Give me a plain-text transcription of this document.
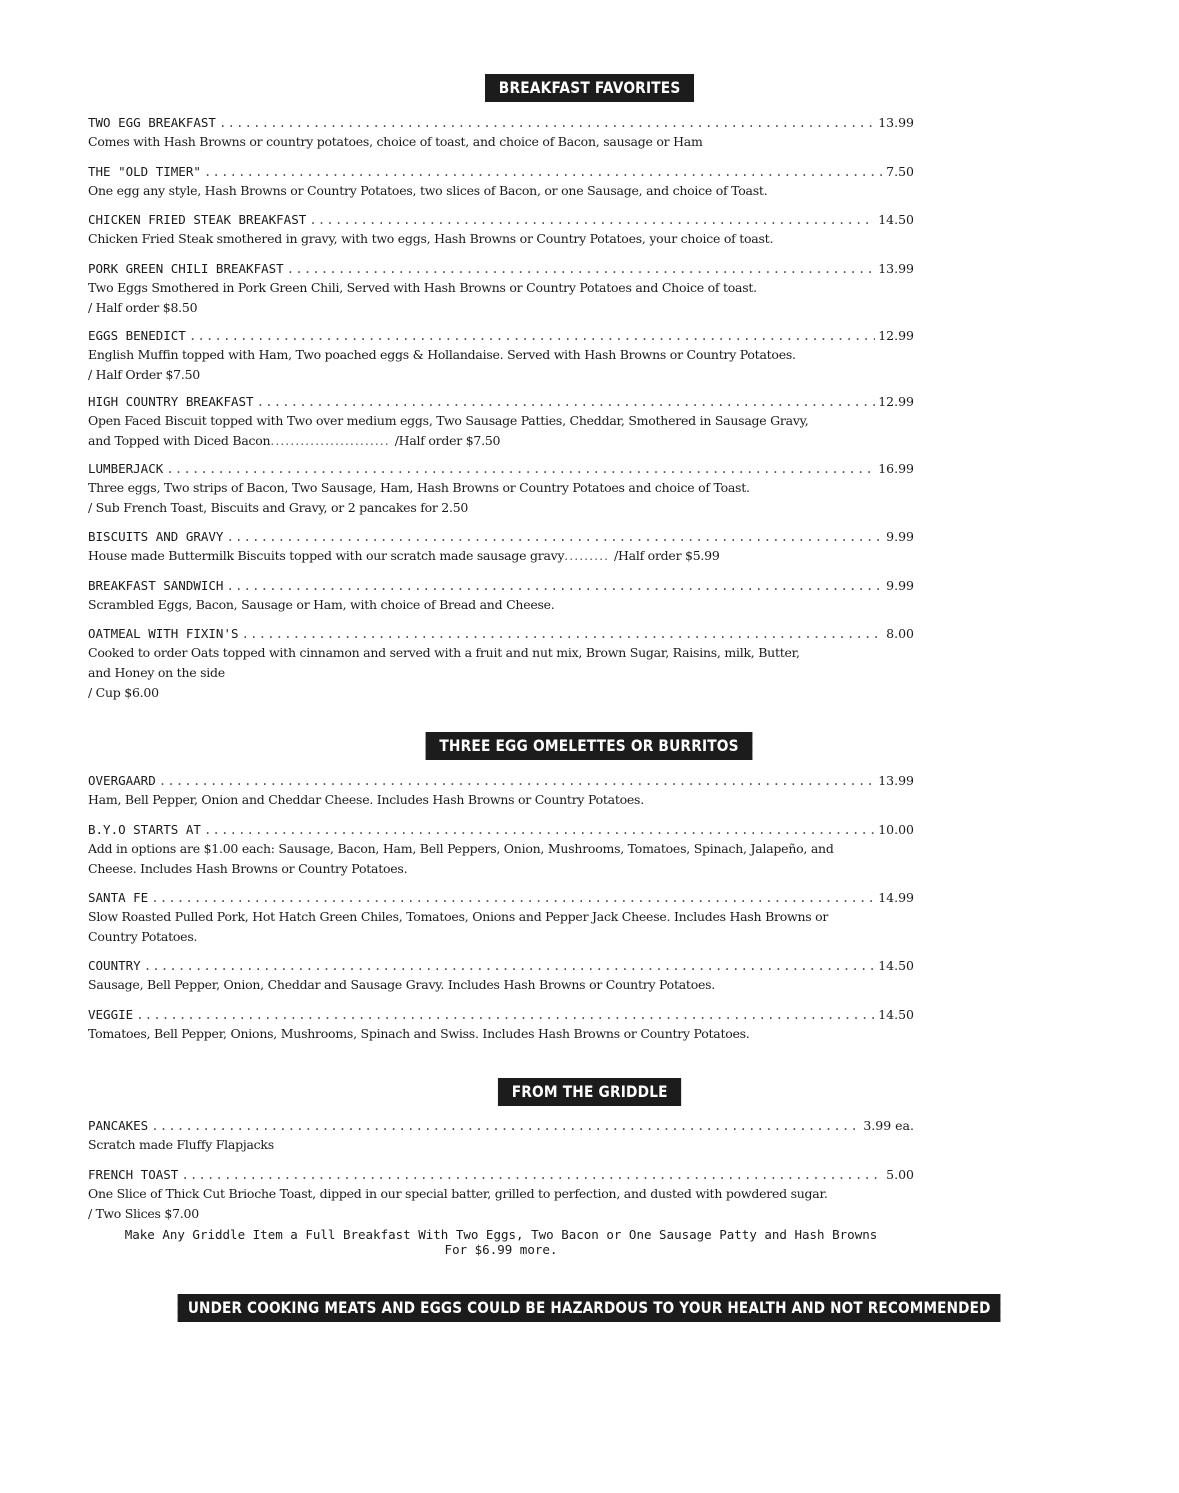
BREAKFAST FAVORITES
TWO EGG BREAKFAST .....	13.99
Comes with Hash Browns or country potatoes, choice of toast, and choice of Bacon, sausage or Ham
THE "OLD TIMER" .....	7.50
One egg any style, Hash Browns or Country Potatoes, two slices of Bacon, or one Sausage, and choice of Toast.
CHICKEN FRIED STEAK BREAKFAST .....	14.50
Chicken Fried Steak smothered in gravy, with two eggs, Hash Browns or Country Potatoes, your choice of toast.
PORK GREEN CHILI BREAKFAST .....	13.99
Two Eggs Smothered in Pork Green Chili, Served with Hash Browns or Country Potatoes and Choice of toast.
/ Half order $8.50
EGGS BENEDICT .....	12.99
English Muffin topped with Ham, Two poached eggs & Hollandaise. Served with Hash Browns or Country Potatoes.
/ Half Order $7.50
HIGH COUNTRY BREAKFAST .....	12.99
Open Faced Biscuit topped with Two over medium eggs, Two Sausage Patties, Cheddar, Smothered in Sausage Gravy,
and Topped with Diced Bacon........................ /Half order $7.50
LUMBERJACK .....	16.99
Three eggs, Two strips of Bacon, Two Sausage, Ham, Hash Browns or Country Potatoes and choice of Toast.
/ Sub French Toast, Biscuits and Gravy, or 2 pancakes for 2.50
BISCUITS AND GRAVY .....	9.99
House made Buttermilk Biscuits topped with our scratch made sausage gravy......... /Half order $5.99
BREAKFAST SANDWICH .....	9.99
Scrambled Eggs, Bacon, Sausage or Ham, with choice of Bread and Cheese.
OATMEAL WITH FIXIN'S .....	8.00
Cooked to order Oats topped with cinnamon and served with a fruit and nut mix, Brown Sugar, Raisins, milk, Butter,
and Honey on the side
/ Cup $6.00
THREE EGG OMELETTES OR BURRITOS
OVERGAARD .....	13.99
Ham, Bell Pepper, Onion and Cheddar Cheese. Includes Hash Browns or Country Potatoes.
B.Y.O STARTS AT .....	10.00
Add in options are $1.00 each: Sausage, Bacon, Ham, Bell Peppers, Onion, Mushrooms, Tomatoes, Spinach, Jalapeño, and
Cheese. Includes Hash Browns or Country Potatoes.
SANTA FE .....	14.99
Slow Roasted Pulled Pork, Hot Hatch Green Chiles, Tomatoes, Onions and Pepper Jack Cheese. Includes Hash Browns or
Country Potatoes.
COUNTRY .....	14.50
Sausage, Bell Pepper, Onion, Cheddar and Sausage Gravy. Includes Hash Browns or Country Potatoes.
VEGGIE .....	14.50
Tomatoes, Bell Pepper, Onions, Mushrooms, Spinach and Swiss. Includes Hash Browns or Country Potatoes.
FROM THE GRIDDLE
PANCAKES .....	3.99 ea.
Scratch made Fluffy Flapjacks
FRENCH TOAST .....	5.00
One Slice of Thick Cut Brioche Toast, dipped in our special batter, grilled to perfection, and dusted with powdered sugar.
/ Two Slices $7.00
Make Any Griddle Item a Full Breakfast With Two Eggs, Two Bacon or One Sausage Patty and Hash Browns
For $6.99 more.
UNDER COOKING MEATS AND EGGS COULD BE HAZARDOUS TO YOUR HEALTH AND NOT RECOMMENDED
